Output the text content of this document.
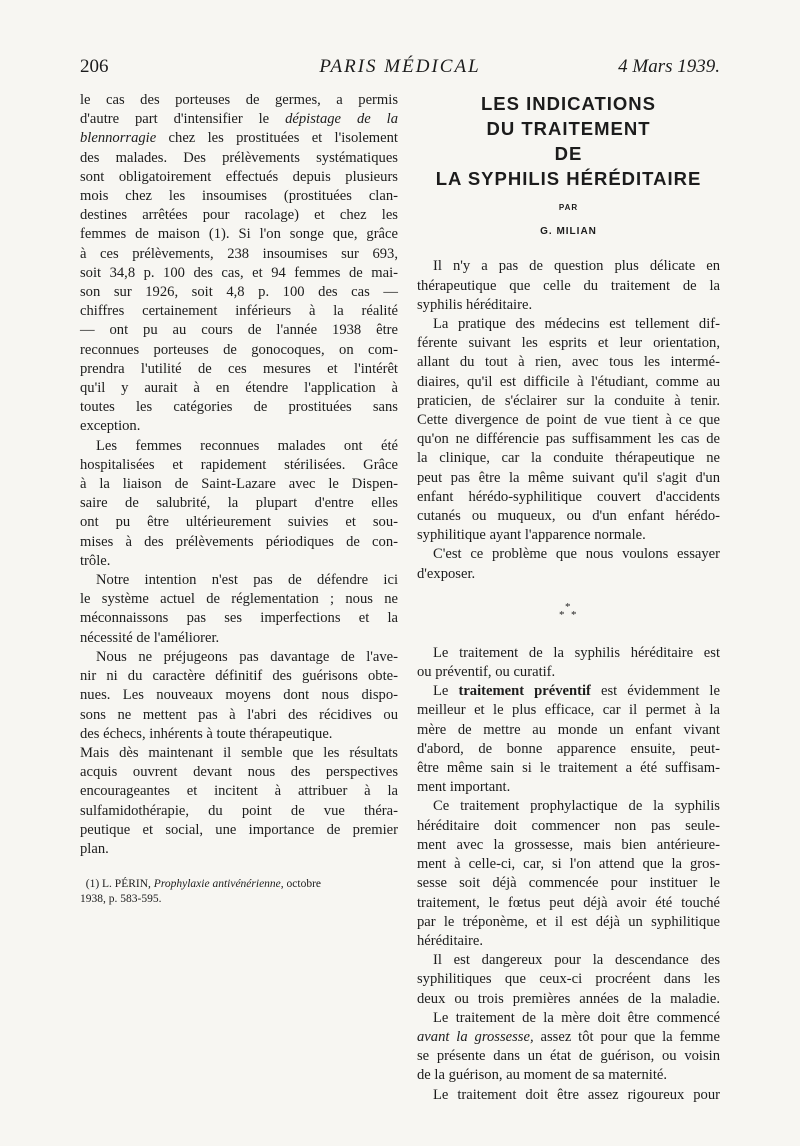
206	PARIS MÉDICAL	4 Mars 1939.
le cas des porteuses de germes, a permis
d'autre part d'intensifier le dépistage de la
blennorragie chez les prostituées et l'isolement
des malades. Des prélèvements systématiques
sont obligatoirement effectués depuis plusieurs
mois chez les insoumises (prostituées clan-
destines arrêtées pour racolage) et chez les
femmes de maison (1). Si l'on songe que, grâce
à ces prélèvements, 238 insoumises sur 693,
soit 34,8 p. 100 des cas, et 94 femmes de mai-
son sur 1926, soit 4,8 p. 100 des cas —
chiffres certainement inférieurs à la réalité
— ont pu au cours de l'année 1938 être
reconnues porteuses de gonocoques, on com-
prendra l'utilité de ces mesures et l'intérêt
qu'il y aurait à en étendre l'application à
toutes les catégories de prostituées sans
exception.
Les femmes reconnues malades ont été
hospitalisées et rapidement stérilisées. Grâce
à la liaison de Saint-Lazare avec le Dispen-
saire de salubrité, la plupart d'entre elles
ont pu être ultérieurement suivies et sou-
mises à des prélèvements périodiques de con-
trôle.
Notre intention n'est pas de défendre ici
le système actuel de réglementation ; nous ne
méconnaissons pas ses imperfections et la
nécessité de l'améliorer.
Nous ne préjugeons pas davantage de l'ave-
nir ni du caractère définitif des guérisons obte-
nues. Les nouveaux moyens dont nous dispo-
sons ne mettent pas à l'abri des récidives ou
des échecs, inhérents à toute thérapeutique.
Mais dès maintenant il semble que les résultats
acquis ouvrent devant nous des perspectives
encourageantes et incitent à attribuer à la
sulfamidothérapie, du point de vue théra-
peutique et social, une importance de premier
plan.
(1) L. PÉRIN, Prophylaxie antivénérienne, octobre
1938, p. 583-595.
LES INDICATIONS
DU TRAITEMENT
DE
LA SYPHILIS HÉRÉDITAIRE
PAR
G. MILIAN
Il n'y a pas de question plus délicate en
thérapeutique que celle du traitement de la
syphilis héréditaire.
La pratique des médecins est tellement dif-
férente suivant les esprits et leur orientation,
allant du tout à rien, avec tous les intermé-
diaires, qu'il est difficile à l'étudiant, comme au
praticien, de s'éclairer sur la conduite à tenir.
Cette divergence de point de vue tient à ce que
qu'on ne différencie pas suffisamment les cas de
la clinique, car la conduite thérapeutique ne
peut pas être la même suivant qu'il s'agit d'un
enfant hérédo-syphilitique couvert d'accidents
cutanés ou muqueux, ou d'un enfant hérédo-
syphilitique ayant l'apparence normale.
C'est ce problème que nous voulons essayer
d'exposer.
*
* *
Le traitement de la syphilis héréditaire est
ou préventif, ou curatif.
Le traitement préventif est évidemment le
meilleur et le plus efficace, car il permet à la
mère de mettre au monde un enfant vivant
d'abord, de bonne apparence ensuite, peut-
être même sain si le traitement a été suffisam-
ment important.
Ce traitement prophylactique de la syphilis
héréditaire doit commencer non pas seule-
ment avec la grossesse, mais bien antérieure-
ment à celle-ci, car, si l'on attend que la gros-
sesse soit déjà commencée pour instituer le
traitement, le fœtus peut déjà avoir été touché
par le tréponème, et il est déjà un syphilitique
héréditaire.
Il est dangereux pour la descendance des
syphilitiques que ceux-ci procréent dans les
deux ou trois premières années de la maladie.
Le traitement de la mère doit être commencé
avant la grossesse, assez tôt pour que la femme
se présente dans un état de guérison, ou voisin
de la guérison, au moment de sa maternité.
Le traitement doit être assez rigoureux pour
